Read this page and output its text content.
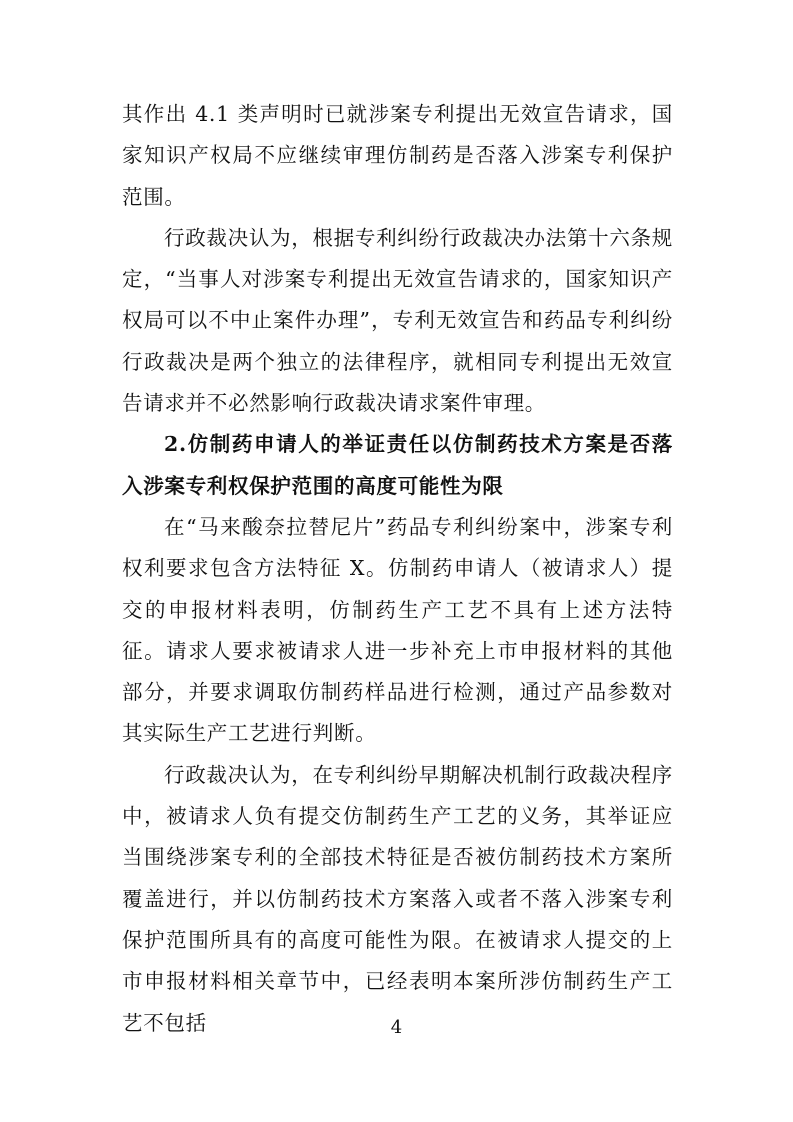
其作出 4.1 类声明时已就涉案专利提出无效宣告请求，国家知识产权局不应继续审理仿制药是否落入涉案专利保护范围。

行政裁决认为，根据专利纠纷行政裁决办法第十六条规定，“当事人对涉案专利提出无效宣告请求的，国家知识产权局可以不中止案件办理”，专利无效宣告和药品专利纠纷行政裁决是两个独立的法律程序，就相同专利提出无效宣告请求并不必然影响行政裁决请求案件审理。

2.仿制药申请人的举证责任以仿制药技术方案是否落入涉案专利权保护范围的高度可能性为限

在“马来酸奈拉替尼片”药品专利纠纷案中，涉案专利权利要求包含方法特征 X。仿制药申请人（被请求人）提交的申报材料表明，仿制药生产工艺不具有上述方法特征。请求人要求被请求人进一步补充上市申报材料的其他部分，并要求调取仿制药样品进行检测，通过产品参数对其实际生产工艺进行判断。

行政裁决认为，在专利纠纷早期解决机制行政裁决程序中，被请求人负有提交仿制药生产工艺的义务，其举证应当围绕涉案专利的全部技术特征是否被仿制药技术方案所覆盖进行，并以仿制药技术方案落入或者不落入涉案专利保护范围所具有的高度可能性为限。在被请求人提交的上市申报材料相关章节中，已经表明本案所涉仿制药生产工艺不包括	4
